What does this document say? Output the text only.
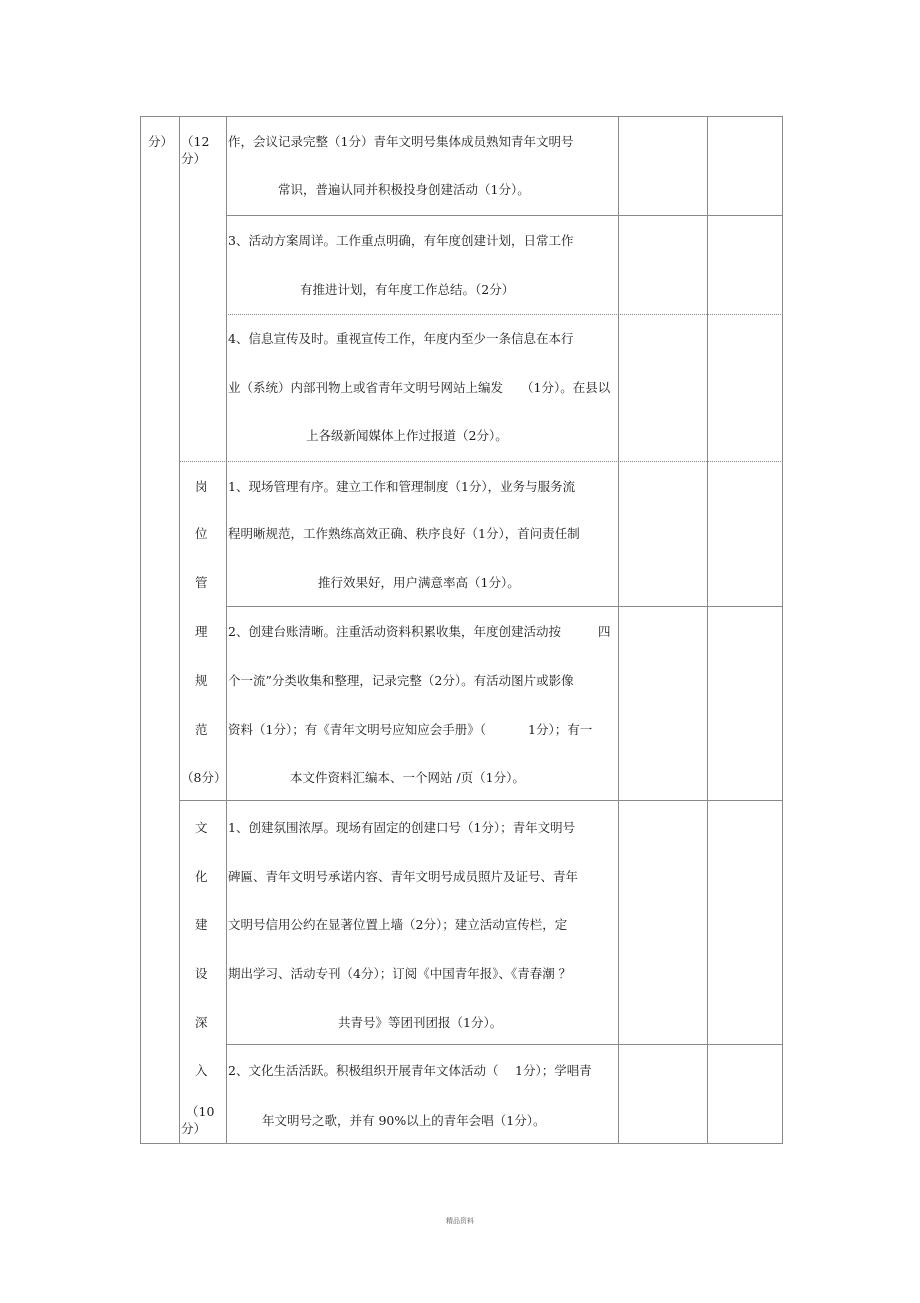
分） （12
分）
作，会议记录完整（1分）青年文明号集体成员熟知青年文明号
常识，普遍认同并积极投身创建活动（1分）。
3、活动方案周详。工作重点明确，有年度创建计划，日常工作
有推进计划，有年度工作总结。（2分）
4、信息宣传及时。重视宣传工作，年度内至少一条信息在本行
业（系统）内部刊物上或省青年文明号网站上编发 （1分）。在县以
上各级新闻媒体上作过报道（2分）。
岗
位
管
理
规
范
（8分）
1、现场管理有序。建立工作和管理制度（1分），业务与服务流
程明晰规范，工作熟练高效正确、秩序良好（1分），首问责任制
推行效果好，用户满意率高（1分）。
2、创建台账清晰。注重活动资料积累收集，年度创建活动按	四
个一流”分类收集和整理，记录完整（2分）。有活动图片或影像
资料（1分）；有《青年文明号应知应会手册》（	1分）；有一
本文件资料汇编本、一个网站 /页（1分）。
文
化
建
设
深
入
（10
分）
1、创建氛围浓厚。现场有固定的创建口号（1分）；青年文明号
碑匾、青年文明号承诺内容、青年文明号成员照片及证号、青年
文明号信用公约在显著位置上墙（2分）；建立活动宣传栏，定
期出学习、活动专刊（4分）；订阅《中国青年报》、《青春潮 ？
共青号》等团刊团报（1分）。
2、文化生活活跃。积极组织开展青年文体活动（ 1分）；学唱青
年文明号之歌，并有 90%以上的青年会唱（1分）。
精品资料
